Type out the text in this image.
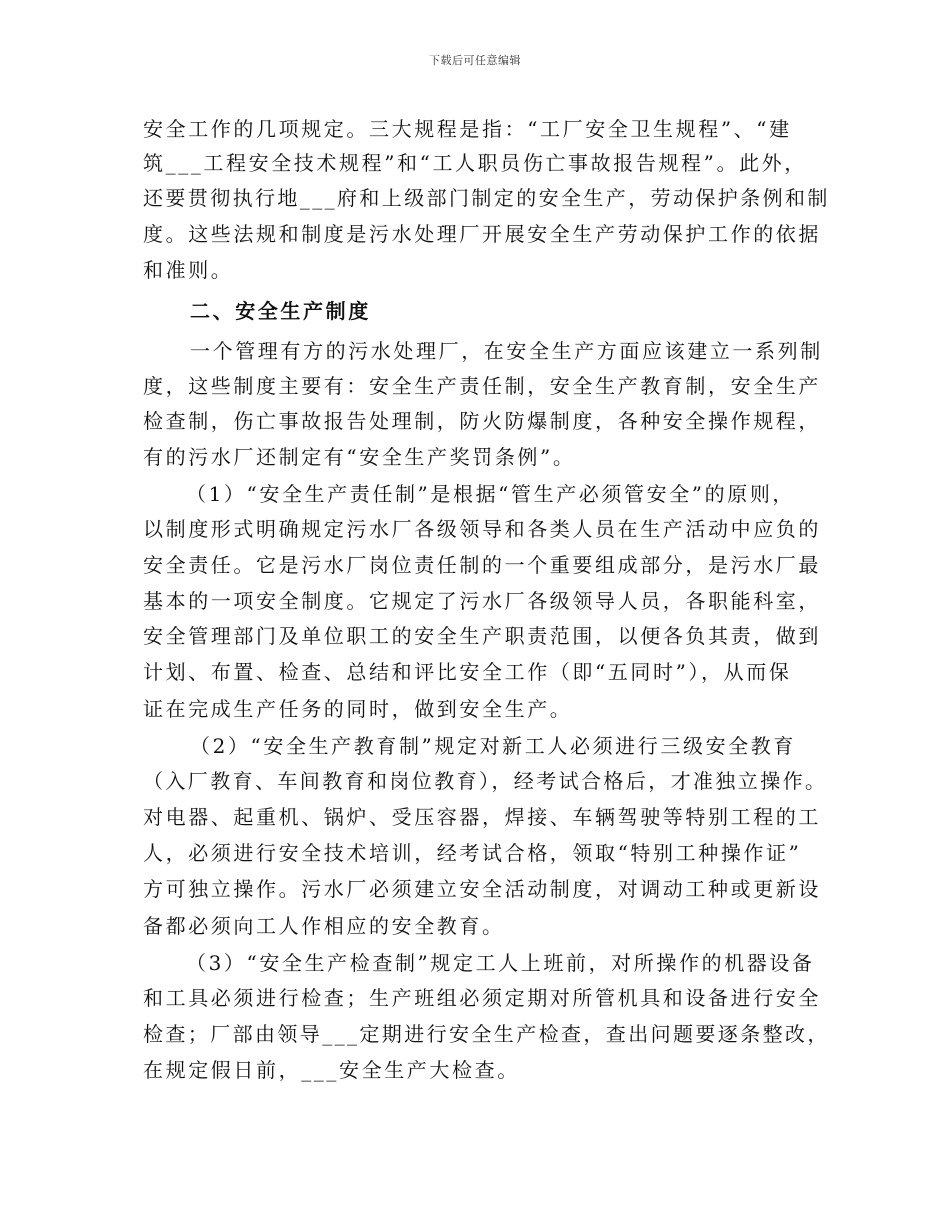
下载后可任意编辑
安全工作的几项规定。三大规程是指：“工厂安全卫生规程”、“建
筑___工程安全技术规程”和“工人职员伤亡事故报告规程”。此外，
还要贯彻执行地___府和上级部门制定的安全生产，劳动保护条例和制
度。这些法规和制度是污水处理厂开展安全生产劳动保护工作的依据
和准则。
二、安全生产制度
一个管理有方的污水处理厂，在安全生产方面应该建立一系列制
度，这些制度主要有：安全生产责任制，安全生产教育制，安全生产
检查制，伤亡事故报告处理制，防火防爆制度，各种安全操作规程，
有的污水厂还制定有“安全生产奖罚条例”。
（1）“安全生产责任制”是根据“管生产必须管安全”的原则，
以制度形式明确规定污水厂各级领导和各类人员在生产活动中应负的
安全责任。它是污水厂岗位责任制的一个重要组成部分，是污水厂最
基本的一项安全制度。它规定了污水厂各级领导人员，各职能科室，
安全管理部门及单位职工的安全生产职责范围，以便各负其责，做到
计划、布置、检查、总结和评比安全工作（即“五同时”），从而保
证在完成生产任务的同时，做到安全生产。
（2）“安全生产教育制”规定对新工人必须进行三级安全教育
（入厂教育、车间教育和岗位教育），经考试合格后，才准独立操作。
对电器、起重机、锅炉、受压容器，焊接、车辆驾驶等特别工程的工
人，必须进行安全技术培训，经考试合格，领取“特别工种操作证”
方可独立操作。污水厂必须建立安全活动制度，对调动工种或更新设
备都必须向工人作相应的安全教育。
（3）“安全生产检查制”规定工人上班前，对所操作的机器设备
和工具必须进行检查；生产班组必须定期对所管机具和设备进行安全
检查；厂部由领导___定期进行安全生产检查，查出问题要逐条整改，
在规定假日前，___安全生产大检查。
